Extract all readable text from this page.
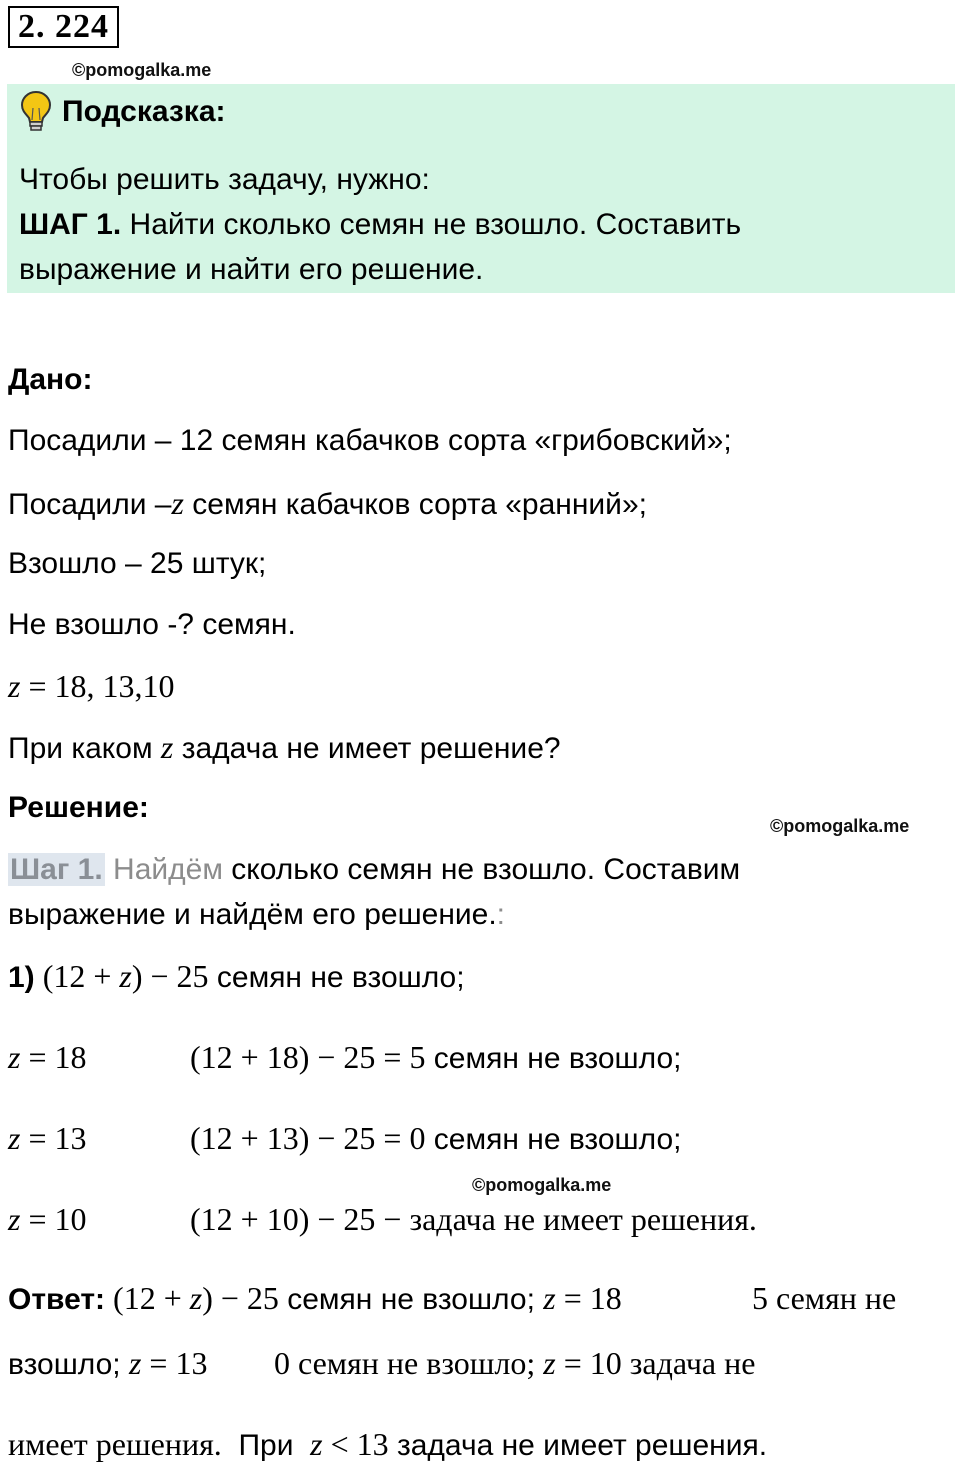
2. 224
©pomogalka.me
Подсказка:
Чтобы решить задачу, нужно:
ШАГ 1. Найти сколько семян не взошло. Составить
выражение и найти его решение.
Дано:
Посадили – 12 семян кабачков сорта «грибовский»;
Посадили –z семян кабачков сорта «ранний»;
Взошло – 25 штук;
Не взошло -? семян.
z = 18, 13,10
При каком z задача не имеет решение?
Решение:
©pomogalka.me
Шаг 1. Найдём сколько семян не взошло. Составим
выражение и найдём его решение.:
1) (12 + z) − 25 семян не взошло;
z = 18	(12 + 18) − 25 = 5 семян не взошло;
z = 13	(12 + 13) − 25 = 0 семян не взошло;
©pomogalka.me
z = 10	(12 + 10) − 25 − задача не имеет решения.
Ответ: (12 + z) − 25 семян не взошло; z = 18	5 семян не
взошло; z = 13 0 семян не взошло; z = 10 задача не
имеет решения.  При  z < 13 задача не имеет решения.
